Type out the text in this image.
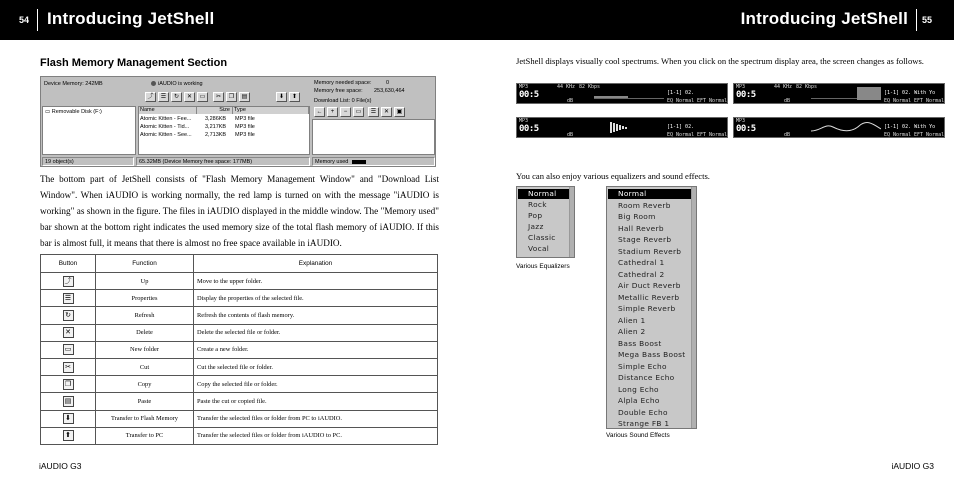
54 Introducing JetShell	Introducing JetShell 55
Flash Memory Management Section
Device Memory: 242MB	iAUDIO is working	Memory needed space:	0
Memory free space: 253,630,464
Download List: 0 File(s)
⤴	☰	↻	✕	▭	✂	❐	▤	⬇	⬆
←	+	−	▭	☰	✕	▣
▭ Removable Disk (F:)	Name	Size Type
Atomic Kitten - Fee... 3,286KB MP3 file
Atomic Kitten - Tid...	3,217KB MP3 file
Atomic Kitten - See... 2,713KB MP3 file
19 object(s)	65.32MB (Device Memory free space: 177MB)	Memory used
The bottom part of JetShell consists of "Flash Memory Management Window" and "Download List Window". When iAUDIO is working normally, the red lamp is turned on with the message "iAUDIO is working" as shown in the figure. The files in iAUDIO displayed in the middle window. The "Memory used" bar shown at the bottom right indicates the used memory size of the total flash memory of iAUDIO. If this bar is almost full, it means that there is almost no free space available in iAUDIO.
Button	Function	Explanation
⤴	Up	Move to the upper folder.
☰	Properties	Display the properties of the selected file.
↻	Refresh	Refresh the contents of flash memory.
✕	Delete	Delete the selected file or folder.
▭	New folder	Create a new folder.
✂	Cut	Cut the selected file or folder.
❐	Copy	Copy the selected file or folder.
▤	Paste	Paste the cut or copied file.
⬇	Transfer to Flash Memory	Transfer the selected files or folder from PC to iAUDIO.
⬆	Transfer to PC	Transfer the selected files or folder from iAUDIO to PC.
iAUDIO G3
JetShell displays visually cool spectrums. When you click on the spectrum display area, the screen changes as follows.
MP3	44 KHz 82 Kbps
00:5	[1-1] 02.
EQ Normal EFT Normal
dB
MP3	44 KHz 82 Kbps
00:5	[1-1] 02. With Yo
EQ Normal EFT Normal
dB
MP3
00:5	[1-1] 02.
EQ Normal EFT Normal
dB
MP3
00:5	[1-1] 02. With Yo
EQ Normal EFT Normal
dB
You can also enjoy various equalizers and sound effects.
Normal
Rock
Pop
Jazz
Classic
Vocal
Various Equalizers
Normal
Room Reverb
Big Room
Hall Reverb
Stage Reverb
Stadium Reverb
Cathedral 1
Cathedral 2
Air Duct Reverb
Metallic Reverb
Simple Reverb
Alien 1
Alien 2
Bass Boost
Mega Bass Boost
Simple Echo
Distance Echo
Long Echo
Alpla Echo
Double Echo
Strange FB 1
Various Sound Effects
iAUDIO G3
